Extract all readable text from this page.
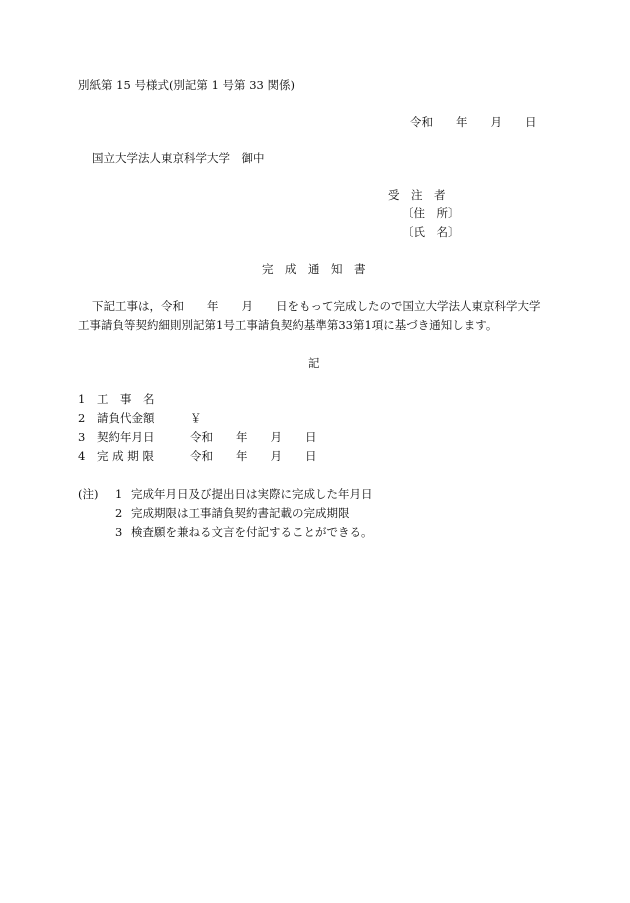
別紙第 15 号様式(別記第 1 号第 33 関係)
令和　　年　　月　　日
国立大学法人東京科学大学　御中
受　注　者
〔住　所〕
〔氏　名〕
完　成　通　知　書
下記工事は，令和　　年　　月　　日をもって完成したので国立大学法人東京科学大学
工事請負等契約細則別記第1号工事請負契約基準第33第1項に基づき通知します。
記
1 工　事　名
2 請負代金額	￥
3 契約年月日	令和　　年　　月　　日
4 完 成 期 限	令和　　年　　月　　日
(注) 1 完成年月日及び提出日は実際に完成した年月日
2 完成期限は工事請負契約書記載の完成期限
3 検査願を兼ねる文言を付記することができる。
